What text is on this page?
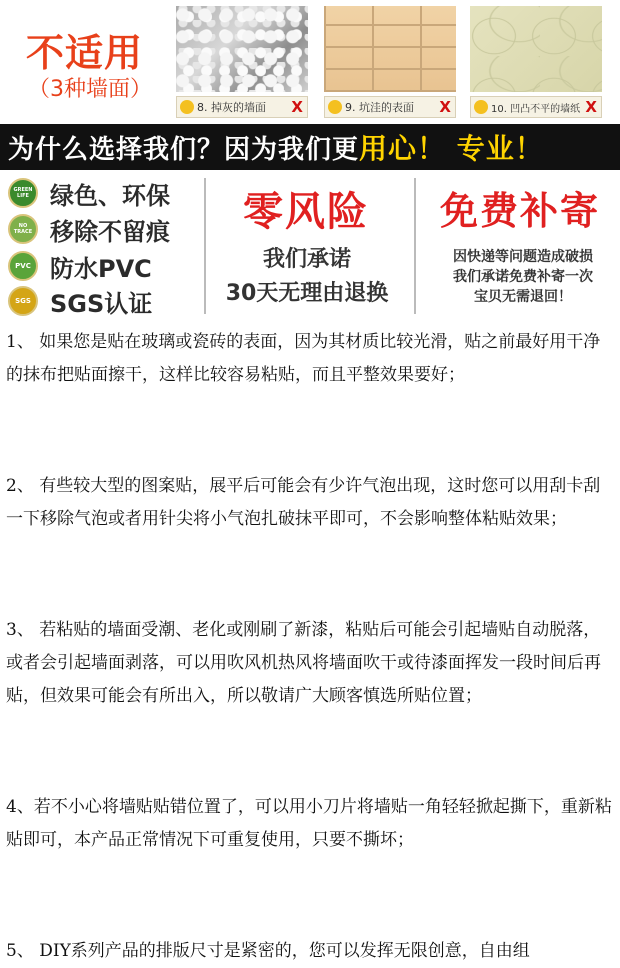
不适用
（3种墙面）
8. 掉灰的墙面 X	9. 坑洼的表面 X	10. 凹凸不平的墙纸 X
为什么选择我们？因为我们更 用心！ 专业！
GREEN LIFE 绿色、环保
NO TRACE 移除不留痕
PVC 防水PVC
SGS SGS认证
零风险
我们承诺
30天无理由退换
免费补寄
因快递等问题造成破损
我们承诺免费补寄一次
宝贝无需退回！

1、 如果您是贴在玻璃或瓷砖的表面，因为其材质比较光滑，贴之前最好用干净的抹布把贴面擦干，这样比较容易粘贴，而且平整效果要好；

2、 有些较大型的图案贴，展平后可能会有少许气泡出现，这时您可以用刮卡刮一下移除气泡或者用针尖将小气泡扎破抹平即可，不会影响整体粘贴效果；

3、 若粘贴的墙面受潮、老化或刚刷了新漆，粘贴后可能会引起墙贴自动脱落，或者会引起墙面剥落，可以用吹风机热风将墙面吹干或待漆面挥发一段时间后再贴，但效果可能会有所出入，所以敬请广大顾客慎选所贴位置；

4、若不小心将墙贴贴错位置了，可以用小刀片将墙贴一角轻轻掀起撕下，重新粘贴即可，本产品正常情况下可重复使用，只要不撕坏；

5、 DIY系列产品的排版尺寸是紧密的，您可以发挥无限创意，自由组
